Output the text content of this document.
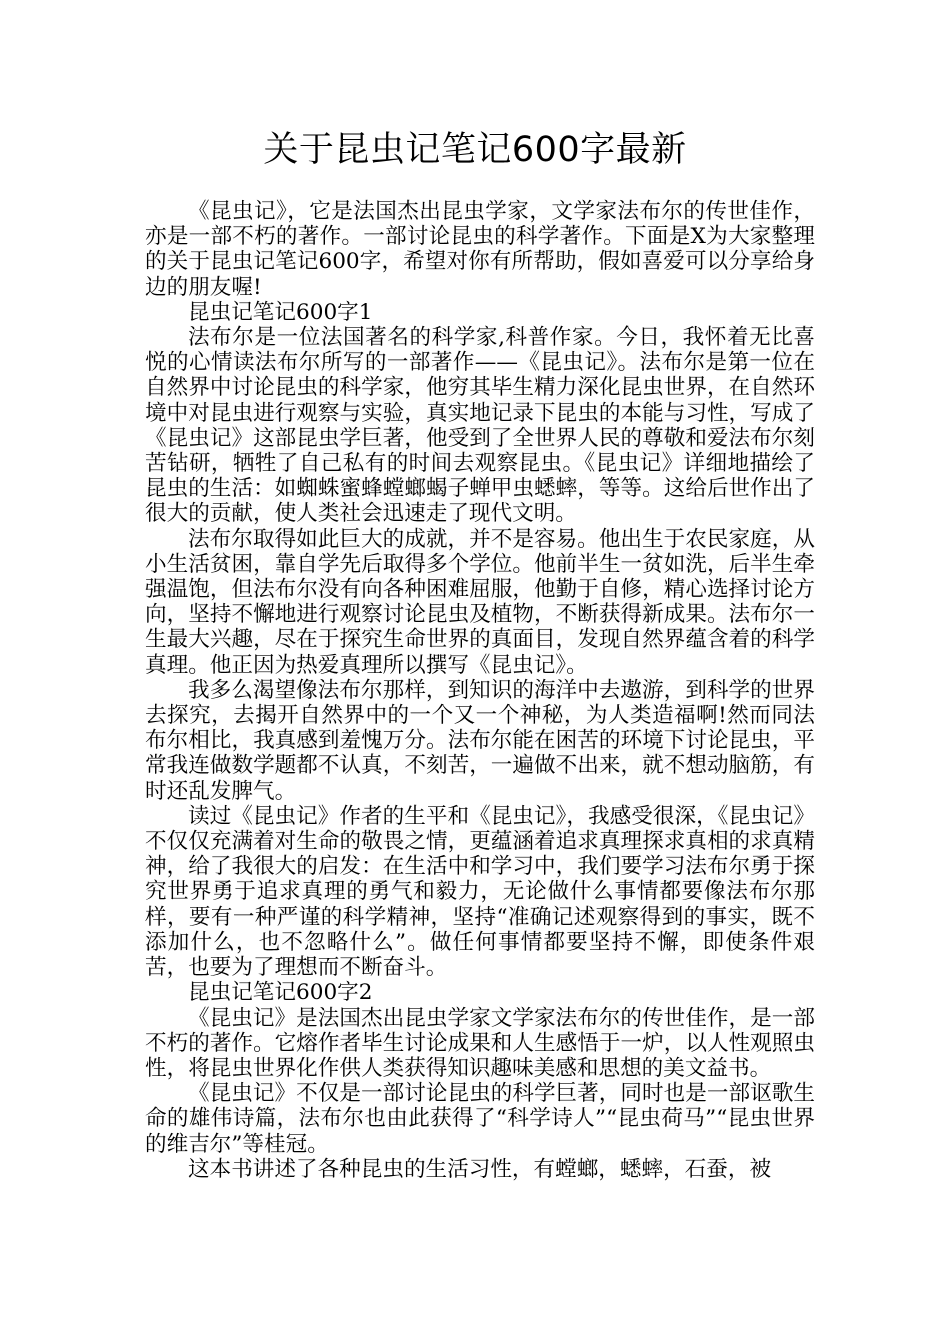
关于昆虫记笔记600字最新

《昆虫记》，它是法国杰出昆虫学家，文学家法布尔的传世佳作，亦是一部不朽的著作。一部讨论昆虫的科学著作。下面是X为大家整理的关于昆虫记笔记600字，希望对你有所帮助，假如喜爱可以分享给身边的朋友喔!

昆虫记笔记600字1

法布尔是一位法国著名的科学家,科普作家。今日，我怀着无比喜悦的心情读法布尔所写的一部著作——《昆虫记》。法布尔是第一位在自然界中讨论昆虫的科学家，他穷其毕生精力深化昆虫世界，在自然环境中对昆虫进行观察与实验，真实地记录下昆虫的本能与习性，写成了《昆虫记》这部昆虫学巨著，他受到了全世界人民的尊敬和爱法布尔刻苦钻研，牺牲了自己私有的时间去观察昆虫。《昆虫记》详细地描绘了昆虫的生活：如蜘蛛蜜蜂螳螂蝎子蝉甲虫蟋蟀，等等。这给后世作出了很大的贡献，使人类社会迅速走了现代文明。

法布尔取得如此巨大的成就，并不是容易。他出生于农民家庭，从小生活贫困，靠自学先后取得多个学位。他前半生一贫如洗，后半生牵强温饱，但法布尔没有向各种困难屈服，他勤于自修，精心选择讨论方向，坚持不懈地进行观察讨论昆虫及植物，不断获得新成果。法布尔一生最大兴趣，尽在于探究生命世界的真面目，发现自然界蕴含着的科学真理。他正因为热爱真理所以撰写《昆虫记》。

我多么渴望像法布尔那样，到知识的海洋中去遨游，到科学的世界去探究，去揭开自然界中的一个又一个神秘，为人类造福啊!然而同法布尔相比，我真感到羞愧万分。法布尔能在困苦的环境下讨论昆虫，平常我连做数学题都不认真，不刻苦，一遍做不出来，就不想动脑筋，有时还乱发脾气。

读过《昆虫记》作者的生平和《昆虫记》，我感受很深，《昆虫记》不仅仅充满着对生命的敬畏之情，更蕴涵着追求真理探求真相的求真精神，给了我很大的启发：在生活中和学习中，我们要学习法布尔勇于探究世界勇于追求真理的勇气和毅力，无论做什么事情都要像法布尔那样，要有一种严谨的科学精神，坚持“准确记述观察得到的事实，既不添加什么，也不忽略什么”。做任何事情都要坚持不懈，即使条件艰苦，也要为了理想而不断奋斗。

昆虫记笔记600字2

《昆虫记》是法国杰出昆虫学家文学家法布尔的传世佳作，是一部不朽的著作。它熔作者毕生讨论成果和人生感悟于一炉，以人性观照虫性，将昆虫世界化作供人类获得知识趣味美感和思想的美文益书。

《昆虫记》不仅是一部讨论昆虫的科学巨著，同时也是一部讴歌生命的雄伟诗篇，法布尔也由此获得了“科学诗人”“昆虫荷马”“昆虫世界的维吉尔”等桂冠。

这本书讲述了各种昆虫的生活习性，有螳螂，蟋蟀，石蚕，被
